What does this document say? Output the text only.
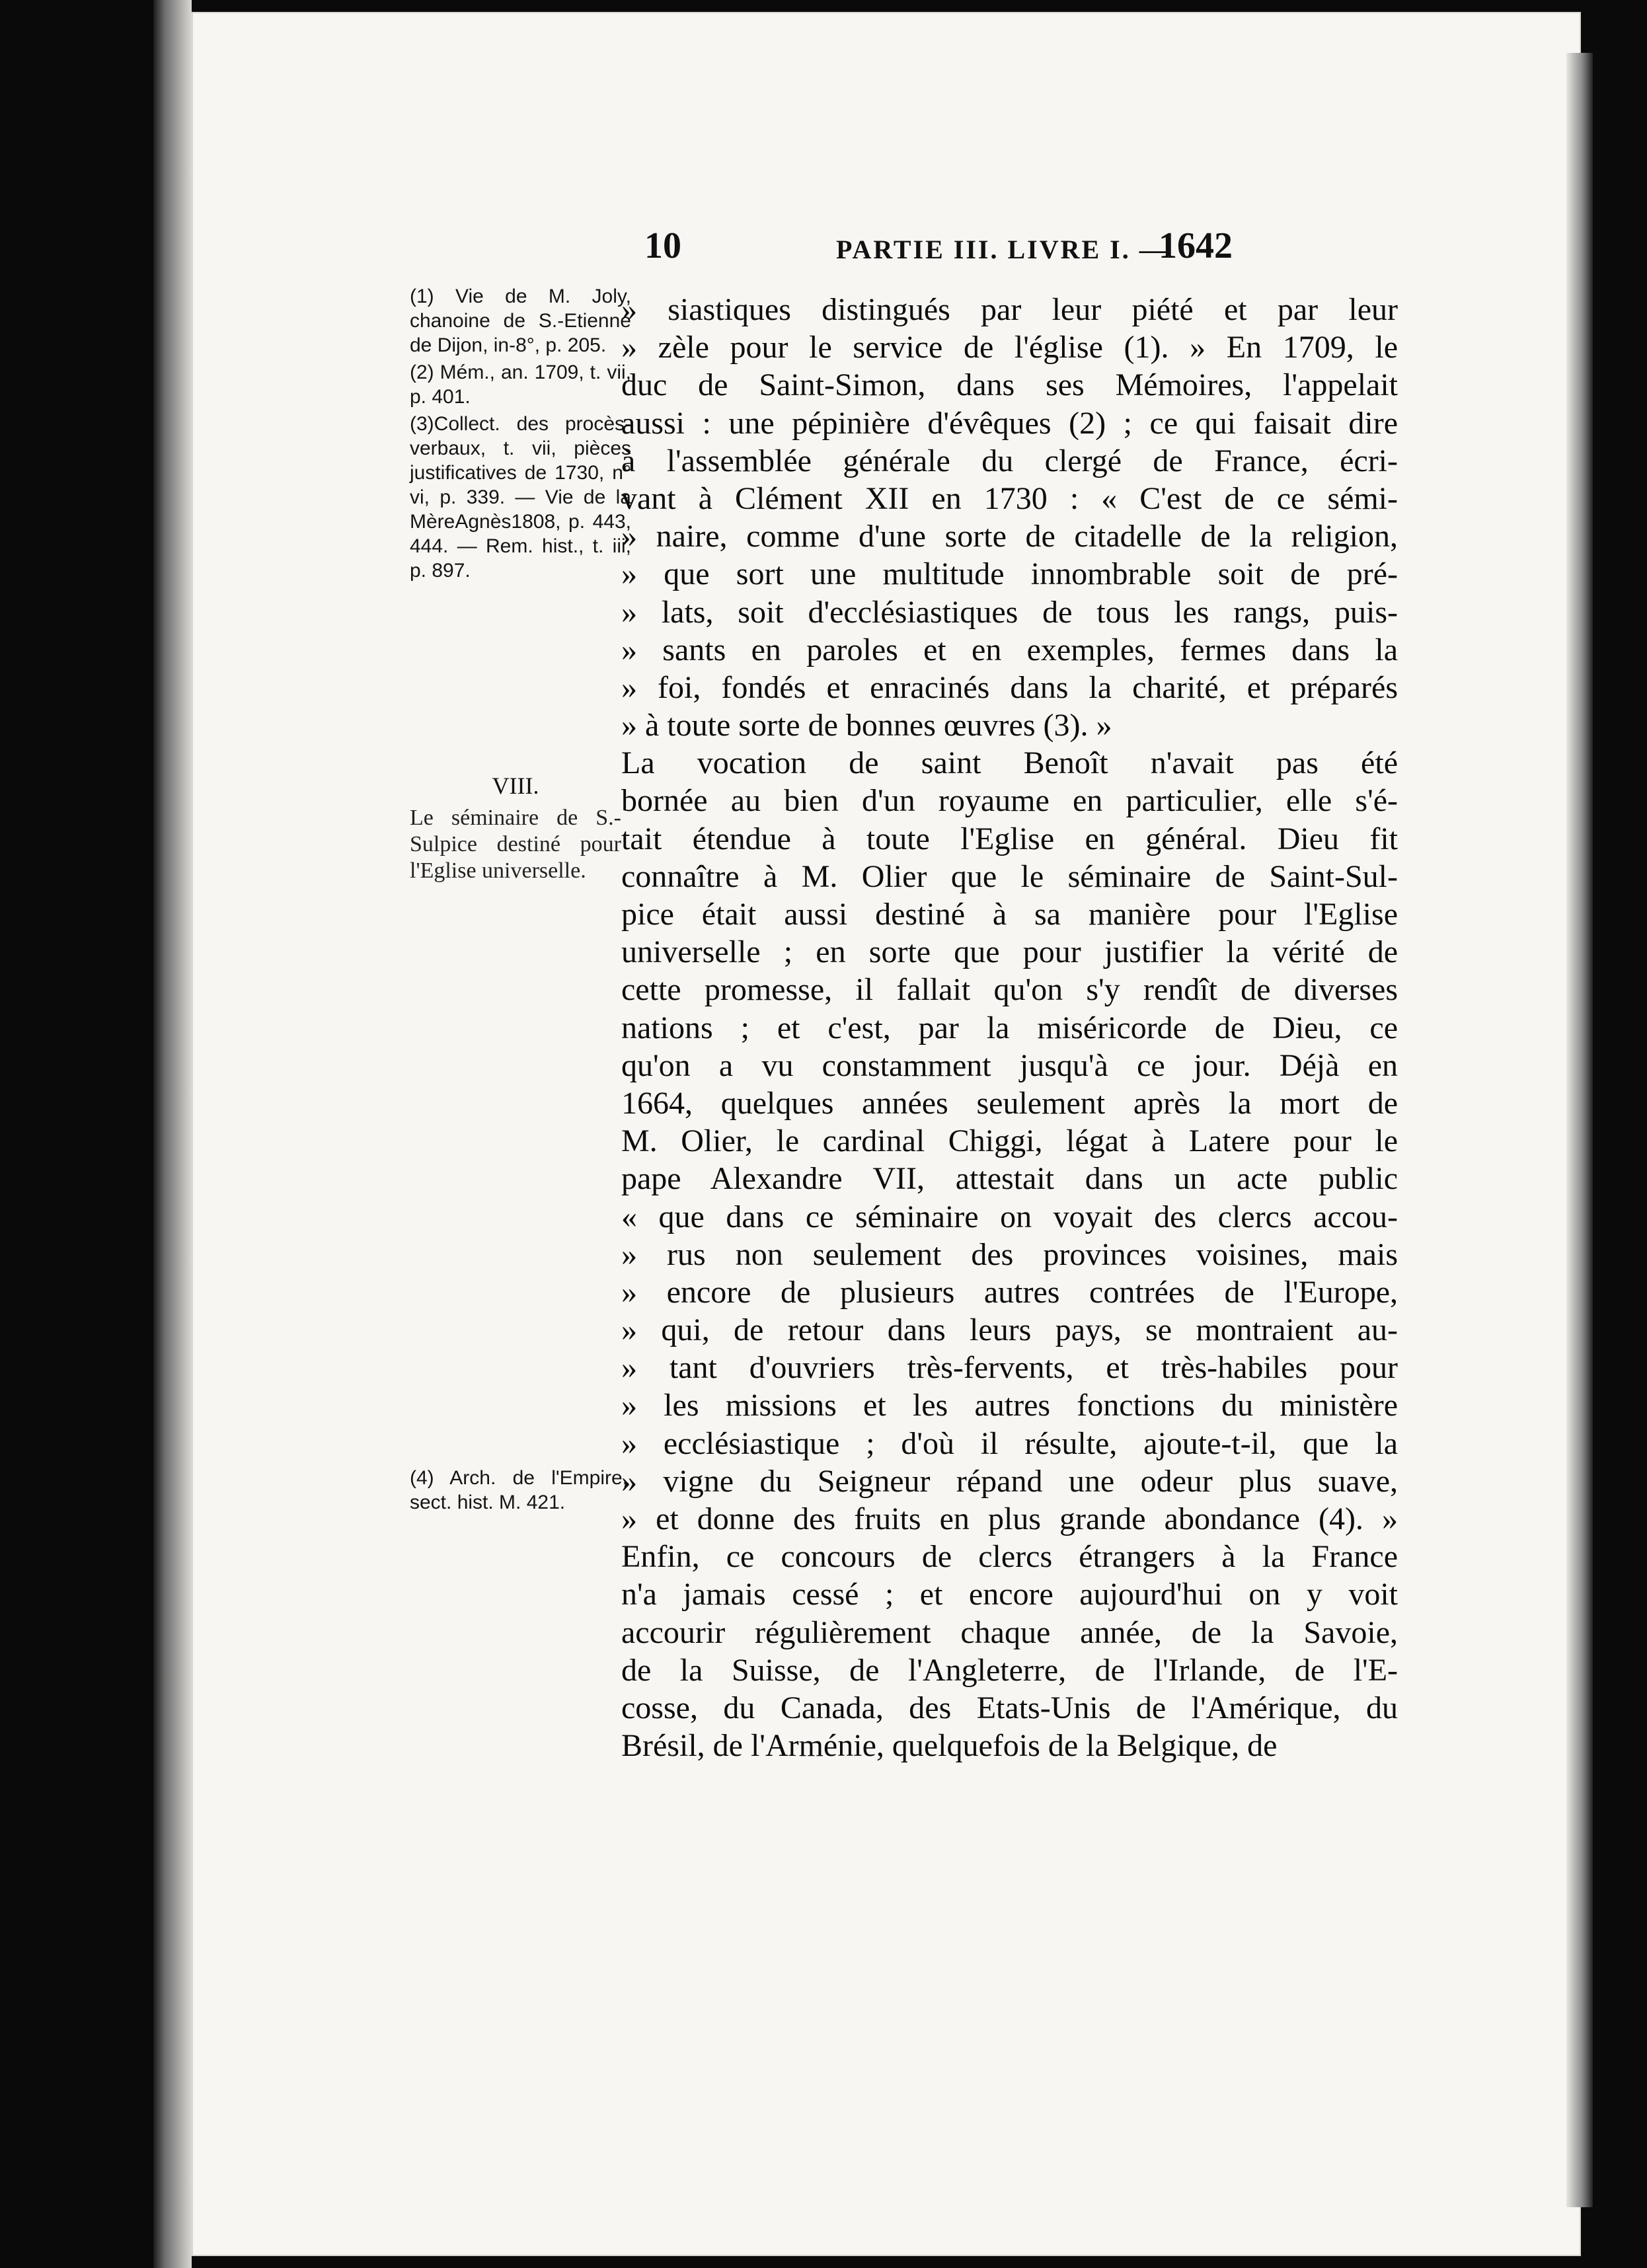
10	PARTIE III. LIVRE I. —
1642

(1) Vie de M. Joly, chanoine de S.-Etienne de Dijon, in-8°, p. 205.

(2) Mém., an. 1709, t. vii, p. 401.

(3)Collect. des procès-verbaux, t. vii, pièces justificatives de 1730, n° vi, p. 339. — Vie de la MèreAgnès1808, p. 443, 444. — Rem. hist., t. iii, p. 897.

VIII.
Le séminaire de S.-Sulpice destiné pour l'Eglise universelle.
(4) Arch. de l'Empire, sect. hist. M. 421.
» siastiques distingués par leur piété et par leur
» zèle pour le service de l'église (1). » En 1709, le
duc de Saint-Simon, dans ses Mémoires, l'appelait
aussi : une pépinière d'évêques (2) ; ce qui faisait dire
à l'assemblée générale du clergé de France, écri-
vant à Clément XII en 1730 : « C'est de ce sémi-
» naire, comme d'une sorte de citadelle de la religion,
» que sort une multitude innombrable soit de pré-
» lats, soit d'ecclésiastiques de tous les rangs, puis-
» sants en paroles et en exemples, fermes dans la
» foi, fondés et enracinés dans la charité, et préparés
» à toute sorte de bonnes œuvres (3). »
La vocation de saint Benoît n'avait pas été
bornée au bien d'un royaume en particulier, elle s'é-
tait étendue à toute l'Eglise en général. Dieu fit
connaître à M. Olier que le séminaire de Saint-Sul-
pice était aussi destiné à sa manière pour l'Eglise
universelle ; en sorte que pour justifier la vérité de
cette promesse, il fallait qu'on s'y rendît de diverses
nations ; et c'est, par la miséricorde de Dieu, ce
qu'on a vu constamment jusqu'à ce jour. Déjà en
1664, quelques années seulement après la mort de
M. Olier, le cardinal Chiggi, légat à Latere pour le
pape Alexandre VII, attestait dans un acte public
« que dans ce séminaire on voyait des clercs accou-
» rus non seulement des provinces voisines, mais
» encore de plusieurs autres contrées de l'Europe,
» qui, de retour dans leurs pays, se montraient au-
» tant d'ouvriers très-fervents, et très-habiles pour
» les missions et les autres fonctions du ministère
» ecclésiastique ; d'où il résulte, ajoute-t-il, que la
» vigne du Seigneur répand une odeur plus suave,
» et donne des fruits en plus grande abondance (4). »
Enfin, ce concours de clercs étrangers à la France
n'a jamais cessé ; et encore aujourd'hui on y voit
accourir régulièrement chaque année, de la Savoie,
de la Suisse, de l'Angleterre, de l'Irlande, de l'E-
cosse, du Canada, des Etats-Unis de l'Amérique, du
Brésil, de l'Arménie, quelquefois de la Belgique, de
